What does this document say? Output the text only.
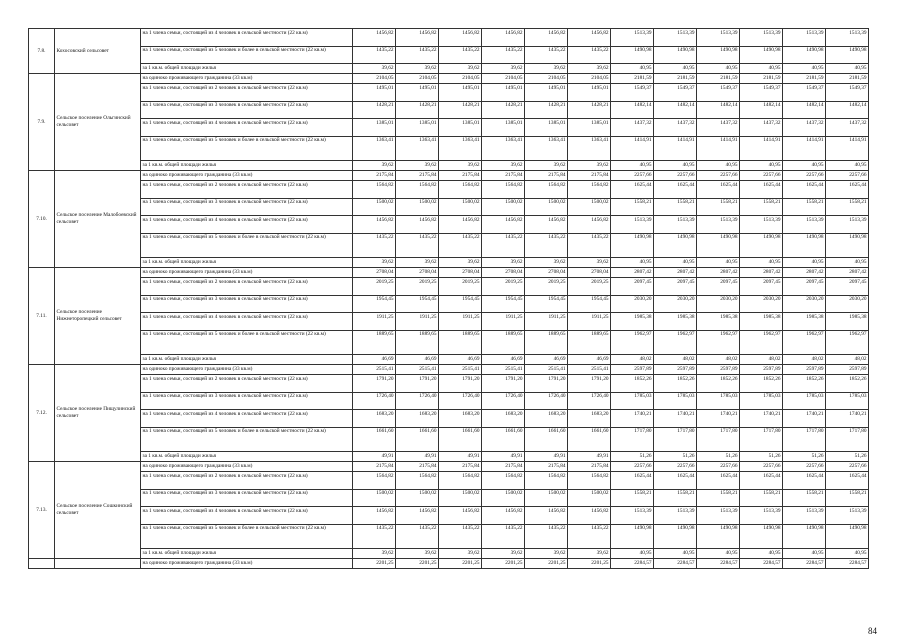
7.8.	Кохосовский сельсовет	на 1 члена семьи, состоящей из 4 человек в сельской местности (22 кв.м)	1456,82	1456,82	1456,82	1456,82	1456,82	1456,82	1513,39	1513,39	1513,39	1513,39	1513,39	1513,39
		на 1 члена семьи, состоящей из 5 человек и более в сельской местности (22 кв.м)	1435,22	1435,22	1435,22	1435,22	1435,22	1435,22	1490,98	1490,98	1490,98	1490,98	1490,98	1490,98
		за 1 кв.м. общей площади жилья	39,62	39,62	39,62	39,62	39,62	39,62	40,95	40,95	40,95	40,95	40,95	40,95
7.9.	Сельское поселение Ольгинский сельсовет	на одиноко проживающего гражданина (33 кв.м)	2104,05	2104,05	2104,05	2104,05	2104,05	2104,05	2181,59	2181,59	2181,59	2181,59	2181,59	2181,59
		на 1 члена семьи, состоящей из 2 человек в сельской местности (22 кв.м)	1495,01	1495,01	1495,01	1495,01	1495,01	1495,01	1549,37	1549,37	1549,37	1549,37	1549,37	1549,37
		на 1 члена семьи, состоящей из 3 человек в сельской местности (22 кв.м)	1428,21	1428,21	1428,21	1428,21	1428,21	1428,21	1482,14	1482,14	1482,14	1482,14	1482,14	1482,14
		на 1 члена семьи, состоящей из 4 человек в сельской местности (22 кв.м)	1385,01	1385,01	1385,01	1385,01	1385,01	1385,01	1437,32	1437,32	1437,32	1437,32	1437,32	1437,32
		на 1 члена семьи, состоящей из 5 человек и более в сельской местности (22 кв.м)	1363,41	1363,41	1363,41	1363,41	1363,41	1363,41	1414,91	1414,91	1414,91	1414,91	1414,91	1414,91
		за 1 кв.м. общей площади жилья	39,62	39,62	39,62	39,62	39,62	39,62	40,95	40,95	40,95	40,95	40,95	40,95
7.10.	Сельское поселение Малобоевский сельсовет	на одиноко проживающего гражданина (33 кв.м)	2175,84	2175,84	2175,84	2175,84	2175,84	2175,84	2257,66	2257,66	2257,66	2257,66	2257,66	2257,66
		на 1 члена семьи, состоящей из 2 человек в сельской местности (22 кв.м)	1564,82	1564,82	1564,82	1564,82	1564,82	1564,82	1625,44	1625,44	1625,44	1625,44	1625,44	1625,44
		на 1 члена семьи, состоящей из 3 человек в сельской местности (22 кв.м)	1500,02	1500,02	1500,02	1500,02	1500,02	1500,02	1558,21	1558,21	1558,21	1558,21	1558,21	1558,21
		на 1 члена семьи, состоящей из 4 человек в сельской местности (22 кв.м)	1456,82	1456,82	1456,82	1456,82	1456,82	1456,82	1513,39	1513,39	1513,39	1513,39	1513,39	1513,39
		на 1 члена семьи, состоящей из 5 человек и более в сельской местности (22 кв.м)	1435,22	1435,22	1435,22	1435,22	1435,22	1435,22	1490,98	1490,98	1490,98	1490,98	1490,98	1490,98
		за 1 кв.м. общей площади жилья	39,62	39,62	39,62	39,62	39,62	39,62	40,95	40,95	40,95	40,95	40,95	40,95
7.11.	Сельское поселение Нижнеторопецкий сельсовет	на одиноко проживающего гражданина (33 кв.м)	2708,04	2708,04	2708,04	2708,04	2708,04	2708,04	2807,42	2807,42	2807,42	2807,42	2807,42	2807,42
		на 1 члена семьи, состоящей из 2 человек в сельской местности (22 кв.м)	2019,25	2019,25	2019,25	2019,25	2019,25	2019,25	2097,45	2097,45	2097,45	2097,45	2097,45	2097,45
		на 1 члена семьи, состоящей из 3 человек в сельской местности (22 кв.м)	1954,45	1954,45	1954,45	1954,45	1954,45	1954,45	2030,20	2030,20	2030,20	2030,20	2030,20	2030,20
		на 1 члена семьи, состоящей из 4 человек в сельской местности (22 кв.м)	1911,25	1911,25	1911,25	1911,25	1911,25	1911,25	1985,38	1985,38	1985,38	1985,38	1985,38	1985,38
		на 1 члена семьи, состоящей из 5 человек и более в сельской местности (22 кв.м)	1889,65	1889,65	1889,65	1889,65	1889,65	1889,65	1962,97	1962,97	1962,97	1962,97	1962,97	1962,97
		за 1 кв.м. общей площади жилья	46,69	46,69	46,69	46,69	46,69	46,69	48,02	48,02	48,02	48,02	48,02	48,02
7.12.	Сельское поселение Пищулинский сельсовет	на одиноко проживающего гражданина (33 кв.м)	2515,41	2515,41	2515,41	2515,41	2515,41	2515,41	2597,89	2597,89	2597,89	2597,89	2597,89	2597,89
		на 1 члена семьи, состоящей из 2 человек в сельской местности (22 кв.м)	1791,20	1791,20	1791,20	1791,20	1791,20	1791,20	1852,26	1852,26	1852,26	1852,26	1852,26	1852,26
		на 1 члена семьи, состоящей из 3 человек в сельской местности (22 кв.м)	1726,40	1726,40	1726,40	1726,40	1726,40	1726,40	1785,03	1785,03	1785,03	1785,03	1785,03	1785,03
		на 1 члена семьи, состоящей из 4 человек в сельской местности (22 кв.м)	1683,20	1683,20	1683,20	1683,20	1683,20	1683,20	1740,21	1740,21	1740,21	1740,21	1740,21	1740,21
		на 1 члена семьи, состоящей из 5 человек и более в сельской местности (22 кв.м)	1661,60	1661,60	1661,60	1661,60	1661,60	1661,60	1717,80	1717,80	1717,80	1717,80	1717,80	1717,80
		за 1 кв.м. общей площади жилья	49,91	49,91	49,91	49,91	49,91	49,91	51,26	51,26	51,26	51,26	51,26	51,26
7.13.	Сельское поселение Сошкинский сельсовет	на одиноко проживающего гражданина (33 кв.м)	2175,84	2175,84	2175,84	2175,84	2175,84	2175,84	2257,66	2257,66	2257,66	2257,66	2257,66	2257,66
		на 1 члена семьи, состоящей из 2 человек в сельской местности (22 кв.м)	1564,82	1564,82	1564,82	1564,82	1564,82	1564,82	1625,44	1625,44	1625,44	1625,44	1625,44	1625,44
		на 1 члена семьи, состоящей из 3 человек в сельской местности (22 кв.м)	1500,02	1500,02	1500,02	1500,02	1500,02	1500,02	1558,21	1558,21	1558,21	1558,21	1558,21	1558,21
		на 1 члена семьи, состоящей из 4 человек в сельской местности (22 кв.м)	1456,82	1456,82	1456,82	1456,82	1456,82	1456,82	1513,39	1513,39	1513,39	1513,39	1513,39	1513,39
		на 1 члена семьи, состоящей из 5 человек и более в сельской местности (22 кв.м)	1435,22	1435,22	1435,22	1435,22	1435,22	1435,22	1490,98	1490,98	1490,98	1490,98	1490,98	1490,98
		за 1 кв.м. общей площади жилья	39,62	39,62	39,62	39,62	39,62	39,62	40,95	40,95	40,95	40,95	40,95	40,95
		на одиноко проживающего гражданина (33 кв.м)	2201,25	2201,25	2201,25	2201,25	2201,25	2201,25	2284,57	2284,57	2284,57	2284,57	2284,57	2284,57
84
